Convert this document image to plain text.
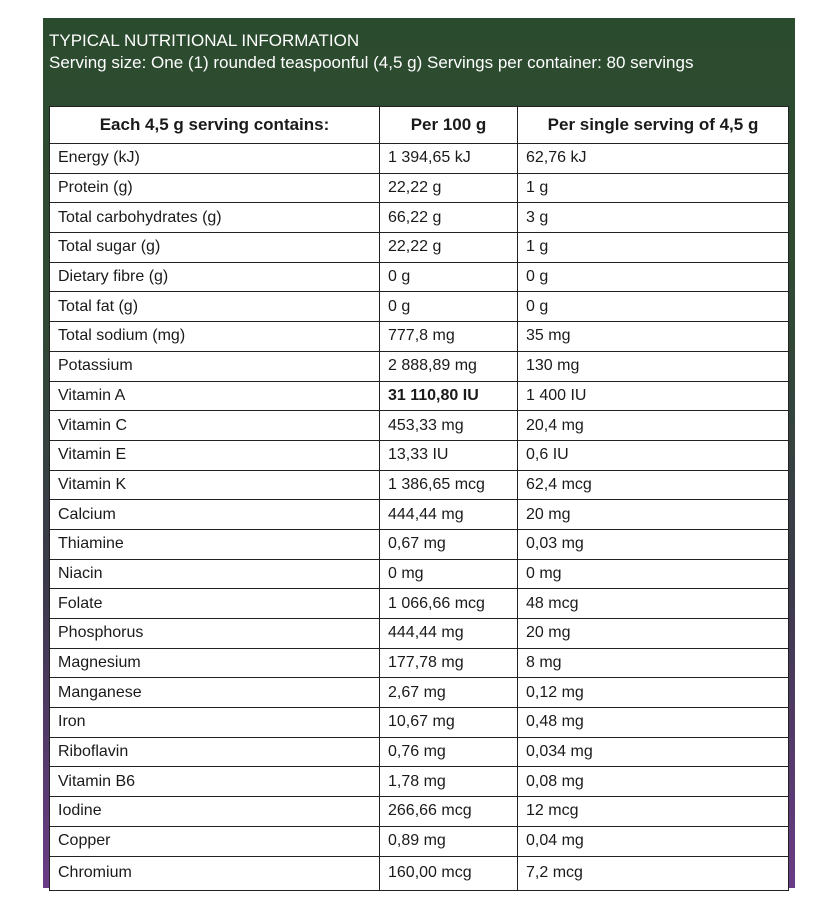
TYPICAL NUTRITIONAL INFORMATION
Serving size: One (1) rounded teaspoonful (4,5 g) Servings per container: 80 servings
Each 4,5 g serving contains:	Per 100 g	Per single serving of 4,5 g
Energy (kJ)	1 394,65 kJ	62,76 kJ
Protein (g)	22,22 g	1 g
Total carbohydrates (g)	66,22 g	3 g
Total sugar (g)	22,22 g	1 g
Dietary fibre (g)	0 g	0 g
Total fat (g)	0 g	0 g
Total sodium (mg)	777,8 mg	35 mg
Potassium	2 888,89 mg	130 mg
Vitamin A	31 110,80 IU	1 400 IU
Vitamin C	453,33 mg	20,4 mg
Vitamin E	13,33 IU	0,6 IU
Vitamin K	1 386,65 mcg	62,4 mcg
Calcium	444,44 mg	20 mg
Thiamine	0,67 mg	0,03 mg
Niacin	0 mg	0 mg
Folate	1 066,66 mcg	48 mcg
Phosphorus	444,44 mg	20 mg
Magnesium	177,78 mg	8 mg
Manganese	2,67 mg	0,12 mg
Iron	10,67 mg	0,48 mg
Riboflavin	0,76 mg	0,034 mg
Vitamin B6	1,78 mg	0,08 mg
Iodine	266,66 mcg	12 mcg
Copper	0,89 mg	0,04 mg
Chromium	160,00 mcg	7,2 mcg
